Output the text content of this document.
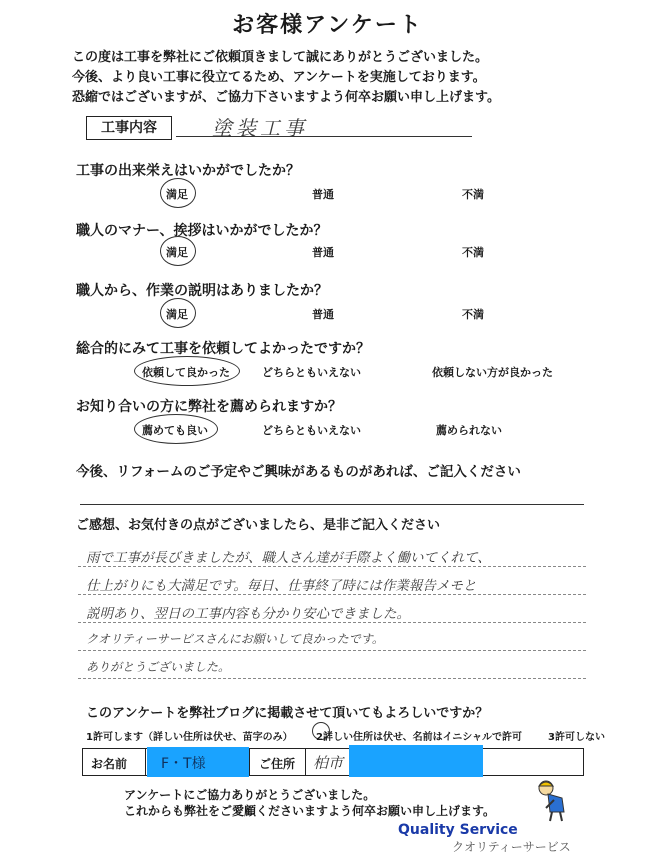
お客様アンケート
この度は工事を弊社にご依頼頂きまして誠にありがとうございました。
今後、より良い工事に役立てるため、アンケートを実施しております。
恐縮ではございますが、ご協力下さいますよう何卒お願い申し上げます。
工事内容	塗装工事
工事の出来栄えはいかがでしたか？
満足	普通	不満
職人のマナー、挨拶はいかがでしたか？
満足	普通	不満
職人から、作業の説明はありましたか？
満足	普通	不満
総合的にみて工事を依頼してよかったですか？
依頼して良かった	どちらともいえない	依頼しない方が良かった
お知り合いの方に弊社を薦められますか？
薦めても良い	どちらともいえない	薦められない
今後、リフォームのご予定やご興味があるものがあれば、ご記入ください
ご感想、お気付きの点がございましたら、是非ご記入ください
雨で工事が長びきましたが、職人さん達が手際よく働いてくれて、
仕上がりにも大満足です。毎日、仕事終了時には作業報告メモと
説明あり、翌日の工事内容も分かり安心できました。
クオリティーサービスさんにお願いして良かったです。
ありがとうございました。
このアンケートを弊社ブログに掲載させて頂いてもよろしいですか？
1許可します（詳しい住所は伏せ、苗字のみ） 2詳しい住所は伏せ、名前はイニシャルで許可	3許可しない
お名前 F・T様	ご住所 柏市
アンケートにご協力ありがとうございました。
これからも弊社をご愛顧くださいますよう何卒お願い申し上げます。
Quality Service
クオリティーサービス
